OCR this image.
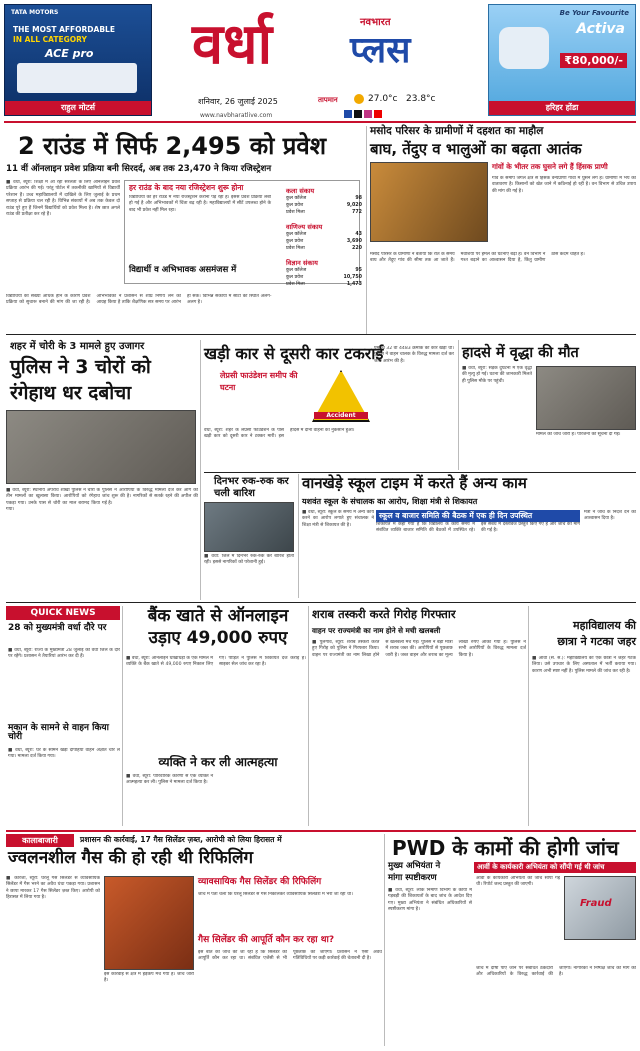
TATA MOTORS
THE MOST AFFORDABLE
IN ALL CATEGORY
ACE pro
राहुल मोटर्स
वर्धा	नवभारत
प्लस
शनिवार, 26 जुलाई 2025	तापमान	27.0°c 23.8°c
www.navbharatlive.com
Be Your Favourite
Activa
₹80,000/-
हरिहर होंडा
2 राउंड में सिर्फ 2,495 को प्रवेश
11 वीं ऑनलाइन प्रवेश प्रक्रिया बनी सिरदर्द, अब तक 23,470 ने किया रजिस्ट्रेशन
■ वर्धा, ब्यूरो: शिक्षा में आ रही सरलता के लिए ऑनलाइन प्रवेश प्रक्रिया आरंभ की गई। परंतु पोर्टल में तकनीकी खामियों से विद्यार्थी परेशान हैं। उच्च महाविद्यालयों में दाखिले के लिए जुलाई के प्रथम सप्ताह से प्रक्रिया चल रही है। विभिन्न संकायों में अब तक केवल दो राउंड पूरे हुए हैं जिनमें विद्यार्थियों को प्रवेश मिला है। शेष छात्र अगले राउंड की प्रतीक्षा कर रहे हैं।
हर राउंड के बाद नया रजिस्ट्रेशन शुरू होना
विद्यार्थियों को हर राउंड में नया रजिस्ट्रेशन कराना पड़ रहा है। इससे प्रवेश प्रक्रिया लंबी हो गई है और अभिभावकों में चिंता बढ़ रही है। महाविद्यालयों में सीटें उपलब्ध होने के बाद भी प्रवेश नहीं मिल रहा।
विद्यार्थी व अभिभावक असमंजस में
कला संकाय
कुल कॉलेज	98
कुल प्रवेश	9,020
प्रवेश मिला	772
वाणिज्य संकाय
कुल कॉलेज	43
कुल प्रवेश	3,690
प्रवेश मिला	220
विज्ञान संकाय
कुल कॉलेज	95
कुल प्रवेश	10,750
प्रवेश मिला	1,473
विद्यार्थियों की संख्या अधिक होने के कारण प्रवेश प्रक्रिया को सुचारू बनाने की मांग की जा रही है। अभिभावकों ने प्रशासन से शीघ्र निर्णय लेने का आग्रह किया है ताकि शैक्षणिक सत्र समय पर आरंभ हो सके। विभिन्न संकायों में सीटों की स्थिति अलग-अलग है।
मसोद परिसर के ग्रामीणों में दहशत का माहौल
बाघ, तेंदुए व भालुओं का बढ़ता आतंक
गांवों के भीतर तक घुसने लगे हैं हिंसक प्राणी
गांव के समीप जंगल क्षेत्र से हिंसक वन्यप्राणी गांवों में घुसने लगे हैं। ग्रामीणों में भय का वातावरण है। किसानों को खेत जाने में कठिनाई हो रही है। वन विभाग से उचित उपाय की मांग की गई है।
मसोद परिसर के ग्रामीणों ने बताया कि रात के समय बाघ और तेंदुए गांव की सीमा तक आ जाते हैं। मवेशियों पर हमले की घटनाएं बढ़ी हैं। वन विभाग ने गश्त बढ़ाने का आश्वासन दिया है, किंतु ग्रामीण ठोस कदम चाहते हैं।
शहर में चोरी के 3 मामले हुए उजागर
पुलिस ने 3 चोरों को
रंगेहाथ धर दबोचा
■ वर्धा, ब्यूरो: स्थानीय अपराध शाखा पुलिस ने चोरी के तीन मामलों का खुलासा किया। आरोपियों को रंगेहाथ पकड़ा गया। उनके पास से चोरी का माल बरामद किया गया।
पुलिस ने आरोपियों के विरुद्ध मामला दर्ज कर आगे की जांच शुरू की है। नागरिकों से सतर्क रहने की अपील की गई है।
खड़ी कार से दूसरी कार टकराई
लेप्रसी फाउंडेशन समीप की घटना
Accident
वर्धा, ब्यूरो: शहर के लेप्रसी फाउंडेशन के पास खड़ी कार को दूसरी कार ने टक्कर मारी। इस हादसे में दोनों वाहनों का नुकसान हुआ।
एमएच 32 वी 4483 क्रमांक की कार खड़ी थी। पुलिस ने वाहन चालक के विरुद्ध मामला दर्ज कर जांच आरंभ की है।
हादसे में वृद्धा की मौत
■ वर्धा, ब्यूरो: सड़क दुर्घटना में एक वृद्धा की मृत्यु हो गई। घटना की जानकारी मिलते ही पुलिस मौके पर पहुंची।
मामले की जांच जारी है। परिजनों को सूचना दी गई।
दिनभर रुक-रुक कर चली बारिश
■ वर्धा: जिले में दिनभर रुक-रुक कर बारिश होती रही। इससे नागरिकों को परेशानी हुई।
वानखेड़े स्कूल टाइम में करते हैं अन्य काम
यशवंत स्कूल के संचालक का आरोप, शिक्षा मंत्री से शिकायत
स्कूल व बाजार समिति की बैठक में एक ही दिन उपस्थित
■ वर्धा, ब्यूरो: स्कूल के समय में अन्य कार्य करने का आरोप लगाते हुए संचालक ने शिक्षा मंत्री से शिकायत की है।	शिकायत में कहा गया है कि विद्यालय के कार्य समय में संबंधित व्यक्ति बाजार समिति की बैठकों में उपस्थित रहे। इस संबंध में दस्तावेज प्रस्तुत किए गए हैं और जांच की मांग की गई है।
मंत्री ने जांच के निर्देश देने का आश्वासन दिया है।
QUICK NEWS
28 को मुख्यमंत्री वर्धा दौरे पर
■ वर्धा, ब्यूरो: राज्य के मुख्यमंत्री 28 जुलाई को वर्धा जिले के दौरे पर रहेंगे। प्रशासन ने तैयारियां आरंभ कर दी हैं।
मकान के सामने से वाहन किया चोरी
■ वर्धा, ब्यूरो: घर के सामने खड़ा दोपहिया वाहन अज्ञात चोर ले गया। मामला दर्ज किया गया।
बैंक खाते से ऑनलाइन
उड़ाए 49,000 रुपए
■ वर्धा, ब्यूरो: ऑनलाइन धोखाधड़ी के एक मामले में व्यक्ति के बैंक खाते से 49,000 रुपए निकाल लिए गए। पीड़ित ने पुलिस में शिकायत दर्ज कराई है। साइबर सेल जांच कर रहा है।
व्यक्ति ने कर ली आत्महत्या
■ वर्धा, ब्यूरो: पारिवारिक कारणों से एक व्यक्ति ने आत्महत्या कर ली। पुलिस ने मामला दर्ज किया है।
शराब तस्करी करते गिरोह गिरफ्तार
वाहन पर राज्यमंत्री का नाम होने से मची खलबली
■ पुलगांव, ब्यूरो: शराब तस्करी करते हुए गिरोह को पुलिस ने गिरफ्तार किया। वाहन पर राज्यमंत्री का नाम लिखा होने से खलबली मच गई। पुलिस ने बड़ी मात्रा में शराब जब्त की। आरोपियों से पूछताछ जारी है। जब्त वाहन और शराब का मूल्य लाखों रुपए आंका गया है। पुलिस ने सभी आरोपियों के विरुद्ध मामला दर्ज किया है।
महाविद्यालय की
छात्रा ने गटका जहर
■ आर्वी (स. सं.): महाविद्यालय की एक छात्रा ने जहर गटक लिया। उसे उपचार के लिए अस्पताल में भर्ती कराया गया। कारण अभी स्पष्ट नहीं है। पुलिस मामले की जांच कर रही है।
कालाबाजारी	प्रशासन की कार्रवाई, 17 गैस सिलेंडर ज़ब्त, आरोपी को लिया हिरासत में
ज्वलनशील गैस की हो रही थी रिफिलिंग
■ कारंजा, ब्यूरो: घरेलू गैस सिलेंडर से व्यावसायिक सिलेंडर में गैस भरने का अवैध धंधा पकड़ा गया। प्रशासन ने छापा मारकर 17 गैस सिलेंडर ज़ब्त किए। आरोपी को हिरासत में लिया गया है।
इस कार्रवाई से क्षेत्र में हड़कंप मच गया है। जांच जारी है।
व्यावसायिक गैस सिलेंडर की रिफिलिंग
जांच में पता चला कि घरेलू सिलेंडर से गैस निकालकर व्यावसायिक सिलेंडरों में भरी जा रही थी।
गैस सिलेंडर की आपूर्ति कौन कर रहा था?
इस बात की जांच की जा रही है कि सिलेंडर की आपूर्ति कौन कर रहा था। संबंधित एजेंसी से भी पूछताछ की जाएगी। प्रशासन ने ऐसी अवैध गतिविधियों पर कड़ी कार्रवाई की चेतावनी दी है।
PWD के कामों की होगी जांच
मुख्य अभियंता ने
मांगा स्पष्टीकरण
आर्वी के कार्यकारी अभियंता को सौंपी गई थी जांच
■ वर्धा, ब्यूरो: लोक निर्माण विभाग के कार्यों में गड़बड़ी की शिकायतों के बाद जांच के आदेश दिए गए। मुख्य अभियंता ने संबंधित अधिकारियों से स्पष्टीकरण मांगा है।
आर्वी के कार्यकारी अभियंता को जांच सौंपी गई थी। रिपोर्ट जल्द प्रस्तुत की जाएगी।
Fraud
जांच में दोषी पाए जाने पर संबंधित ठेकेदारों और अधिकारियों के विरुद्ध कार्रवाई की जाएगी। नागरिकों ने निष्पक्ष जांच की मांग की है।
